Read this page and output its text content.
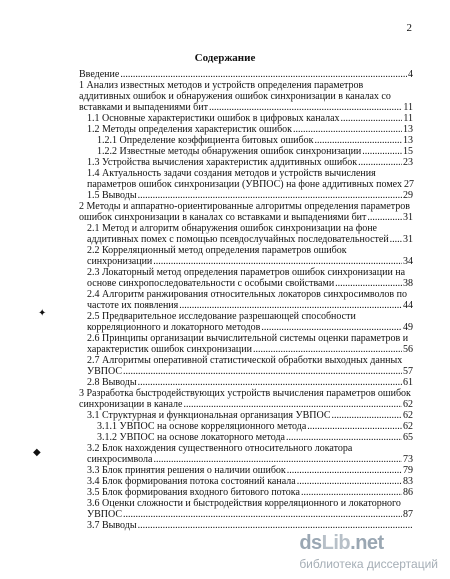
2
Содержание
Введение .....	4
1 Анализ известных методов и устройств определения параметров
аддитивных ошибок и обнаружения ошибок синхронизации в каналах со
вставками и выпадениями бит .....	11
1.1 Основные характеристики ошибок в цифровых каналах .....	11
1.2 Методы определения характеристик ошибок .....	13
1.2.1 Определение коэффициента битовых ошибок .....	13
1.2.2 Известные методы обнаружения ошибок синхронизации .....	15
1.3 Устройства вычисления характеристик аддитивных ошибок .....	23
1.4 Актуальность задачи создания методов и устройств вычисления
параметров ошибок синхронизации (УВПОС) на фоне аддитивных помех 27
1.5 Выводы .....	29
2 Методы и аппаратно-ориентированные алгоритмы определения параметров
ошибок синхронизации в каналах со вставками и выпадениями бит .....	31
2.1 Метод и алгоритм обнаружения ошибок синхронизации на фоне
аддитивных помех с помощью псевдослучайных последовательностей ..... 31
2.2 Корреляционный метод определения параметров ошибок
синхронизации .....	34
2.3 Локаторный метод определения параметров ошибок синхронизации на
основе синхропоследовательности с особыми свойствами .....	38
2.4 Алгоритм ранжирования относительных локаторов синхросимволов по
частоте их появления .....	44
2.5 Предварительное исследование разрешающей способности
корреляционного и локаторного методов .....	49
2.6 Принципы организации вычислительной системы оценки параметров и
характеристик ошибок синхронизации .....	56
2.7 Алгоритмы оперативной статистической обработки выходных данных
УВПОС .....	57
2.8 Выводы .....	61
3 Разработка быстродействующих устройств вычисления параметров ошибок
синхронизации в канале .....	62
3.1 Структурная и функциональная организация УВПОС .....	62
3.1.1 УВПОС на основе корреляционного метода .....	62
3.1.2 УВПОС на основе локаторного метода .....	65
3.2 Блок нахождения существенного относительного локатора
синхросимвола .....	73
3.3 Блок принятия решения о наличии ошибок .....	79
3.4 Блок формирования потока состояний канала .....	83
3.5 Блок формирования входного битового потока .....	86
3.6 Оценки сложности и быстродействия корреляционного и локаторного
УВПОС .....	87
3.7 Выводы
.....
✦
◆
dsLib.net
библиотека диссертаций
